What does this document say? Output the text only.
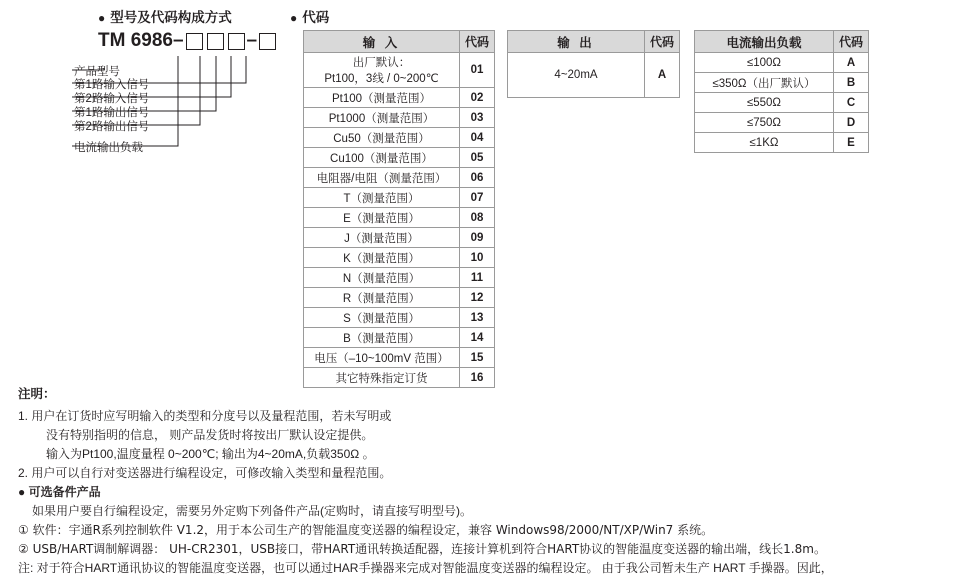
● 型号及代码构成方式	● 代码
TM 6986–	–
产品型号
第1路输入信号
第2路输入信号
第1路输出信号
第2路输出信号
电流输出负载
输 入	代码

出厂默认：
Pt100，3线 / 0~200℃	01
Pt100（测量范围）	02
Pt1000（测量范围）	03
Cu50（测量范围）	04
Cu100（测量范围）	05
电阻器/电阻（测量范围）	06
T（测量范围）	07
E（测量范围）	08
J（测量范围）	09
K（测量范围）	10
N（测量范围）	11
R（测量范围）	12
S（测量范围）	13
B（测量范围）	14
电压（–10~100mV 范围）	15
其它特殊指定订货	16
输 出	代码
4~20mA	A
电流输出负载	代码
≤100Ω	A
≤350Ω（出厂默认）	B
≤550Ω	C
≤750Ω	D
≤1KΩ	E

注明：

1. 用户在订货时应写明输入的类型和分度号以及量程范围，若未写明或

没有特别指明的信息， 则产品发货时将按出厂默认设定提供。

输入为Pt100,温度量程 0~200℃; 输出为4~20mA,负载350Ω 。

2. 用户可以自行对变送器进行编程设定，可修改输入类型和量程范围。

● 可选备件产品

如果用户要自行编程设定，需要另外定购下列备件产品(定购时，请直接写明型号)。

① 软件：宇通R系列控制软件 V1.2，用于本公司生产的智能温度变送器的编程设定，兼容 Windows98/2000/NT/XP/Win7 系统。

② USB/HART调制解调器： UH-CR2301，USB接口，带HART通讯转换适配器，连接计算机到符合HART协议的智能温度变送器的输出端，线长1.8m。

注: 对于符合HART通讯协议的智能温度变送器，也可以通过HAR手操器来完成对智能温度变送器的编程设定。 由于我公司暂未生产 HART 手操器。因此，
